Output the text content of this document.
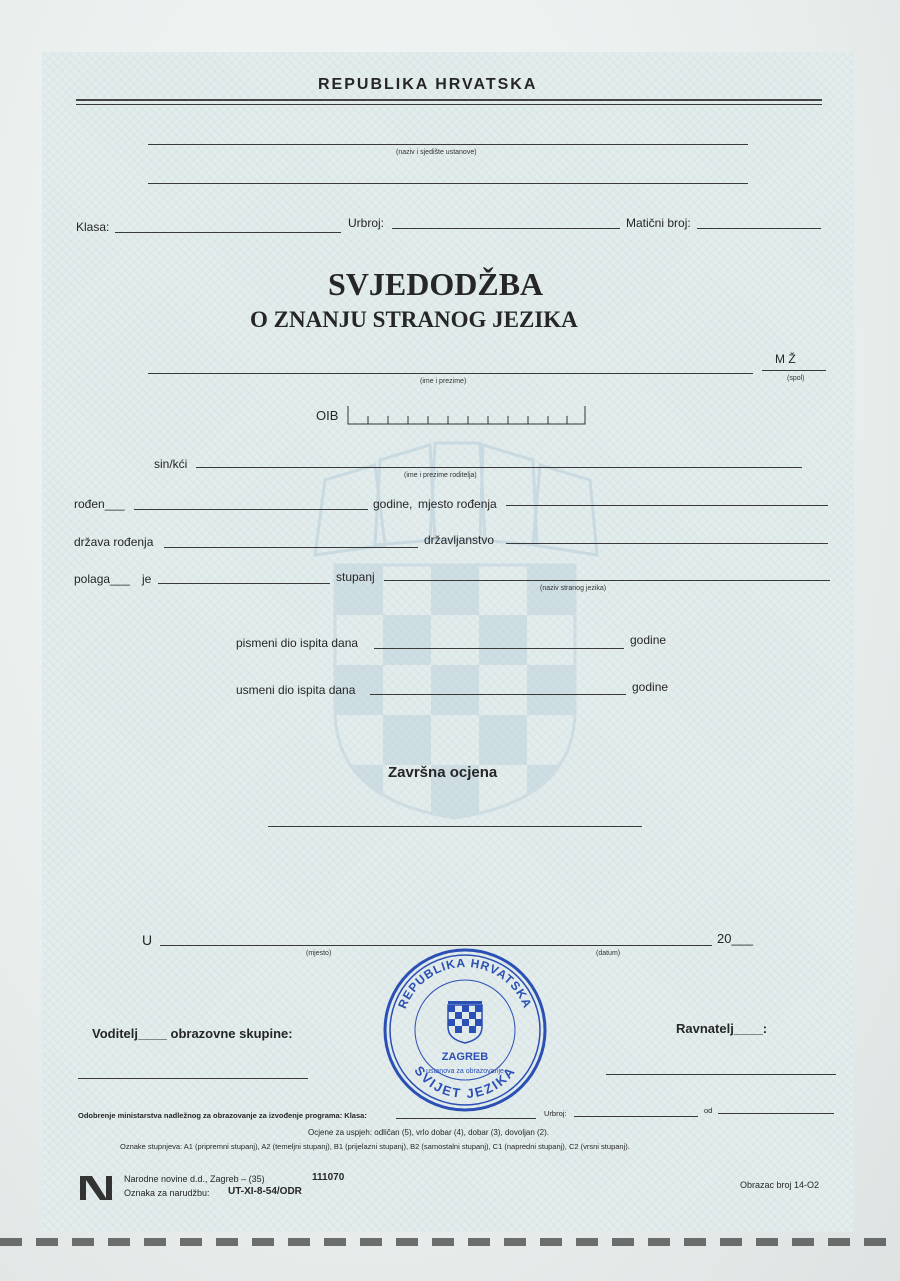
REPUBLIKA HRVATSKA
(naziv i sjedište ustanove)
Klasa:	Urbroj:	Matični broj:
SVJEDODŽBA
O ZNANJU STRANOG JEZIKA
(ime i prezime)
M Ž
(spol)
OIB
sin/kći
(ime i prezime roditelja)
rođen___	godine, mjesto rođenja
država rođenja	državljanstvo
polaga___ je	stupanj
(naziv stranog jezika)
pismeni dio ispita dana	godine
usmeni dio ispita dana	godine
Završna ocjena
U	20___
(mjesto)	(datum)
REPUBLIKA HRVATSKA
SVIJET JEZIKA
ZAGREB
ustanova za obrazovanje
Voditelj____ obrazovne skupine:	Ravnatelj____:
Odobrenje ministarstva nadležnog za obrazovanje za izvođenje programa: Klasa:	Urbroj:	od
Ocjene za uspjeh: odličan (5), vrlo dobar (4), dobar (3), dovoljan (2).
Oznake stupnjeva: A1 (pripremni stupanj), A2 (temeljni stupanj), B1 (prijelazni stupanj), B2 (samostalni stupanj), C1 (napredni stupanj), C2 (vrsni stupanj).
Narodne novine d.d., Zagreb – (35)	111070
Oznaka za narudžbu: UT-XI-8-54/ODR
Obrazac broj 14-O2
